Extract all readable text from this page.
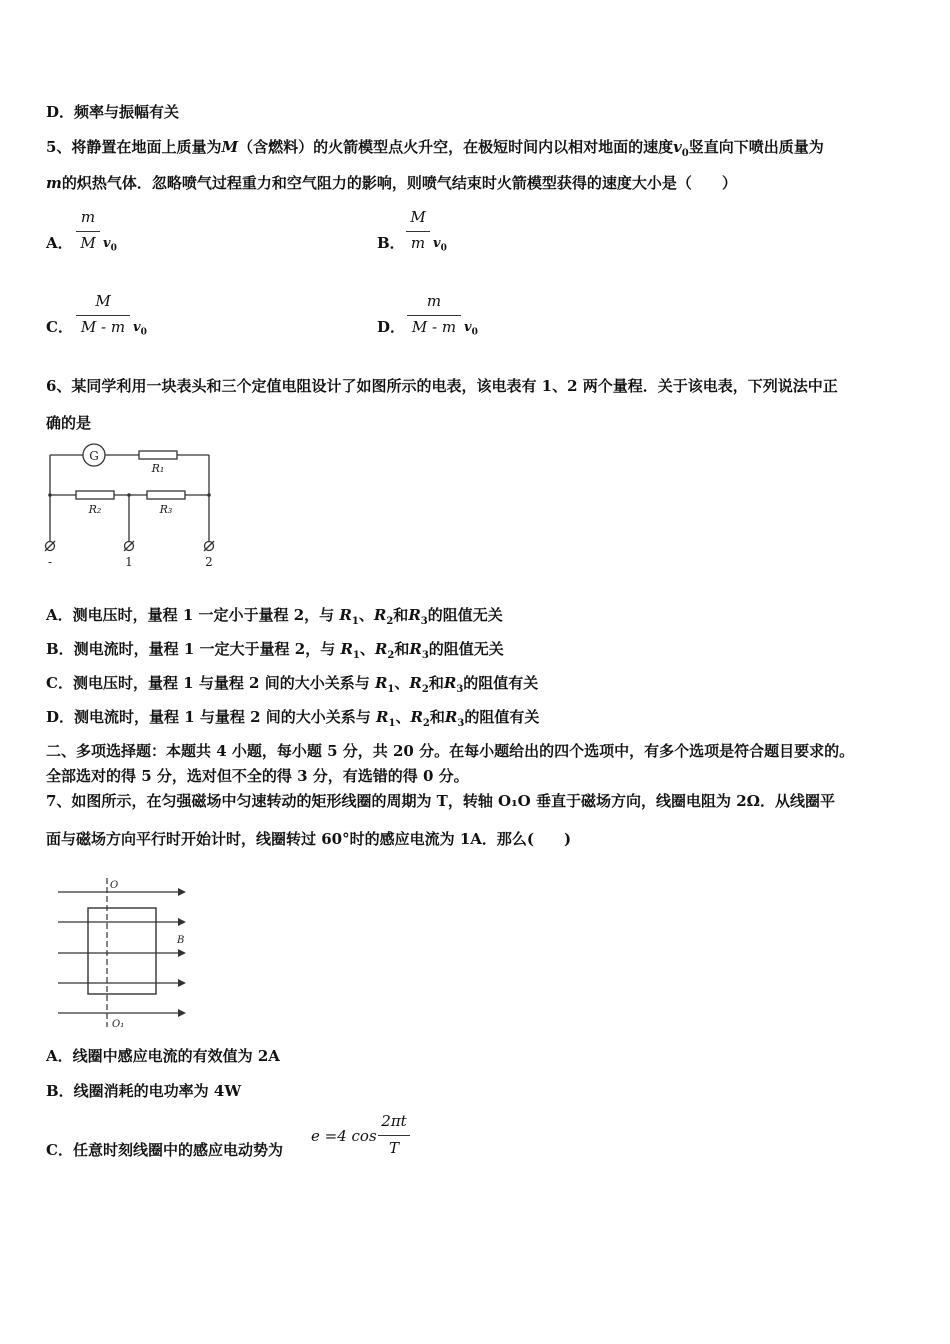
D．频率与振幅有关
5、将静置在地面上质量为M（含燃料）的火箭模型点火升空，在极短时间内以相对地面的速度$v_0$竖直向下喷出质量为
m的炽热气体．忽略喷气过程重力和空气阻力的影响，则喷气结束时火箭模型获得的速度大小是（　　）
A．
m
M $v_0$	B．
M
m $v_0$
C．
M
M - m $v_0$	D．
m
M - m $v_0$
6、某同学利用一块表头和三个定值电阻设计了如图所示的电表，该电表有 1、2 两个量程．关于该电表，下列说法中正
确的是
G
R₁
R₂	R₃
-	1	2
A．测电压时，量程 1 一定小于量程 2，与 $R_1$、$R_2$和$R_3$的阻值无关
B．测电流时，量程 1 一定大于量程 2，与 $R_1$、$R_2$和$R_3$的阻值无关
C．测电压时，量程 1 与量程 2 间的大小关系与 $R_1$、$R_2$和$R_3$的阻值有关
D．测电流时，量程 1 与量程 2 间的大小关系与 $R_1$、$R_2$和$R_3$的阻值有关
二、多项选择题：本题共 4 小题，每小题 5 分，共 20 分。在每小题给出的四个选项中，有多个选项是符合题目要求的。
全部选对的得 5 分，选对但不全的得 3 分，有选错的得 0 分。
7、如图所示，在匀强磁场中匀速转动的矩形线圈的周期为 T，转轴 O₁O 垂直于磁场方向，线圈电阻为 2Ω．从线圈平
面与磁场方向平行时开始计时，线圈转过 60°时的感应电流为 1A．那么(　　)
O
O₁
B
A．线圈中感应电流的有效值为 2A
B．线圈消耗的电功率为 4W
C．任意时刻线圈中的感应电动势为
e =4 cos
2πt
T
